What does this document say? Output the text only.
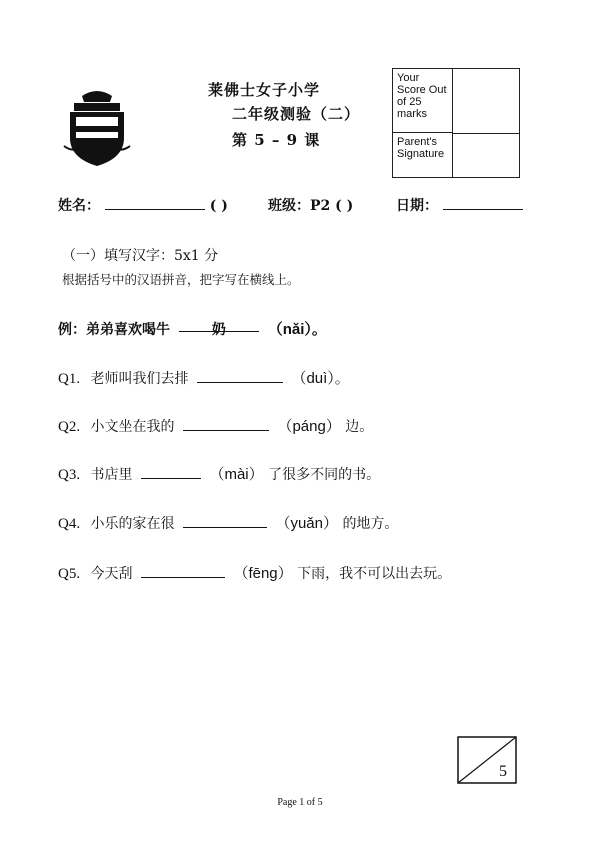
莱佛士女子小学
二年级测验（二）
第 5 – 9 课
Your Score Out of 25 marks
Parent's Signature
姓名：	( )	班级：P2 ( )	日期：
（一）填写汉字：5x1 分
根据括号中的汉语拼音，把字写在横线上。
例：弟弟喜欢喝牛	奶	（nǎi）。
Q1. 老师叫我们去排	（duì）。
Q2. 小文坐在我的	（páng） 边。
Q3. 书店里	（mài） 了很多不同的书。
Q4. 小乐的家在很	（yuǎn） 的地方。
Q5. 今天刮	（fēng） 下雨，我不可以出去玩。
5
Page 1 of 5
